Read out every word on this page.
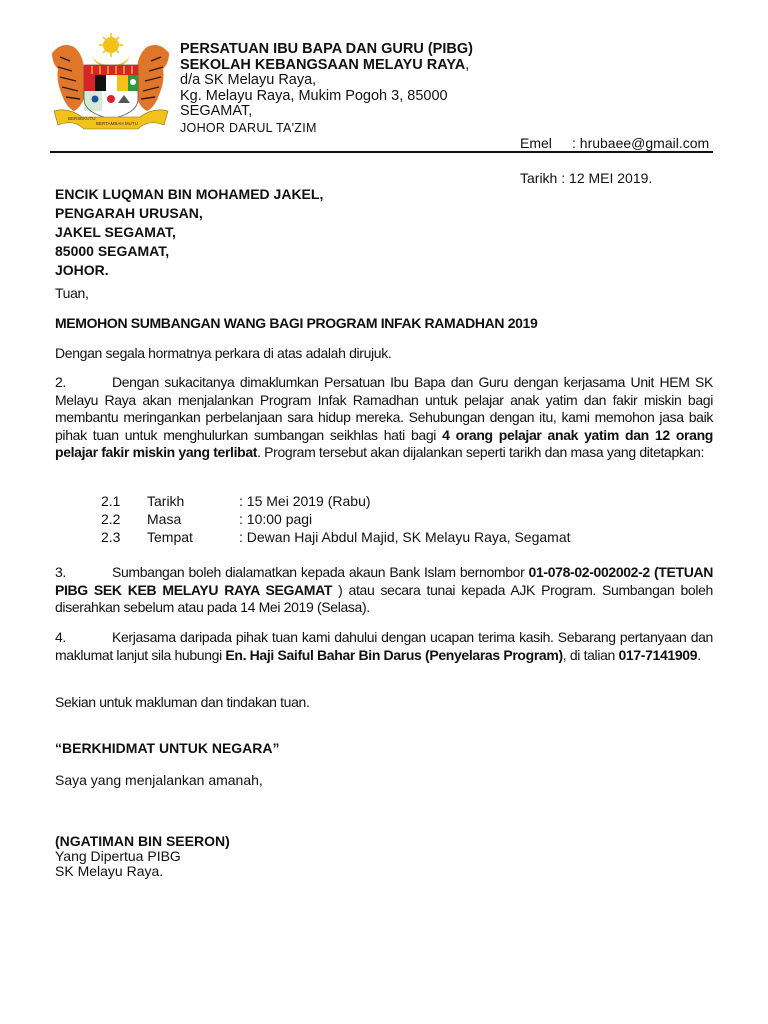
BERSEKUTU
BERTAMBAH MUTU
PERSATUAN IBU BAPA DAN GURU (PIBG)
SEKOLAH KEBANGSAAN MELAYU RAYA,
d/a SK Melayu Raya,
Kg. Melayu Raya, Mukim Pogoh 3, 85000
SEGAMAT,
JOHOR DARUL TA'ZIM
Emel : hrubaee@gmail.com
Tarikh : 12 MEI 2019.
ENCIK LUQMAN BIN MOHAMED JAKEL,
PENGARAH URUSAN,
JAKEL SEGAMAT,
85000 SEGAMAT,
JOHOR.
Tuan,
MEMOHON SUMBANGAN WANG BAGI PROGRAM INFAK RAMADHAN 2019
Dengan segala hormatnya perkara di atas adalah dirujuk.
2.	Dengan sukacitanya dimaklumkan Persatuan Ibu Bapa dan Guru dengan kerjasama Unit HEM SK Melayu Raya akan menjalankan Program Infak Ramadhan untuk pelajar anak yatim dan fakir miskin bagi membantu meringankan perbelanjaan sara hidup mereka. Sehubungan dengan itu, kami memohon jasa baik pihak tuan untuk menghulurkan sumbangan seikhlas hati bagi 4 orang pelajar anak yatim dan 12 orang pelajar fakir miskin yang terlibat. Program tersebut akan dijalankan seperti tarikh dan masa yang ditetapkan:
2.1 Tarikh	: 15 Mei 2019 (Rabu)
2.2 Masa	: 10:00 pagi
2.3 Tempat	: Dewan Haji Abdul Majid, SK Melayu Raya, Segamat
3.	Sumbangan boleh dialamatkan kepada akaun Bank Islam bernombor 01-078-02-002002-2 (TETUAN PIBG SEK KEB MELAYU RAYA SEGAMAT ) atau secara tunai kepada AJK Program. Sumbangan boleh diserahkan sebelum atau pada 14 Mei 2019 (Selasa).
4.	Kerjasama daripada pihak tuan kami dahului dengan ucapan terima kasih. Sebarang pertanyaan dan maklumat lanjut sila hubungi En. Haji Saiful Bahar Bin Darus (Penyelaras Program), di talian 017-7141909.
Sekian untuk makluman dan tindakan tuan.
“BERKHIDMAT UNTUK NEGARA”
Saya yang menjalankan amanah,
(NGATIMAN BIN SEERON)
Yang Dipertua PIBG
SK Melayu Raya.
